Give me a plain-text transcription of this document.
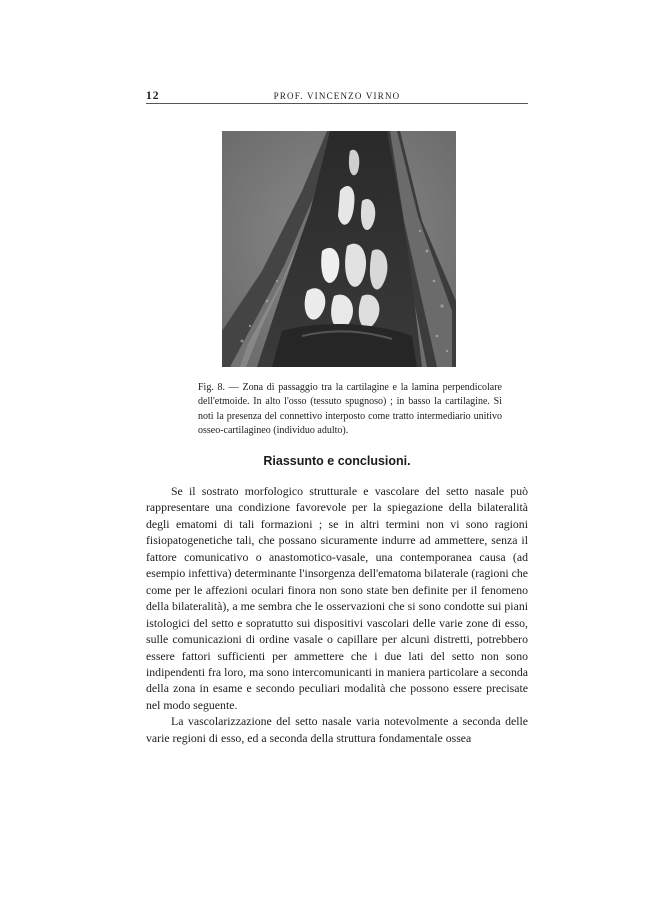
12	PROF. VINCENZO VIRNO

Fig. 8. — Zona di passaggio tra la cartilagine e la lamina perpendicolare dell'etmoide. In alto l'osso (tessuto spugnoso) ; in basso la cartilagine. Si noti la presenza del connettivo interposto come tratto intermediario unitivo osseo-cartilagineo (individuo adulto).

Riassunto e conclusioni.

Se il sostrato morfologico strutturale e vascolare del setto nasale può rappresentare una condizione favorevole per la spiegazione della bilateralità degli ematomi di tali formazioni ; se in altri termini non vi sono ragioni fisiopatogenetiche tali, che possano sicuramente indurre ad ammettere, senza il fattore comunicativo o anastomotico-vasale, una contemporanea causa (ad esempio infettiva) determinante l'insorgenza dell'ematoma bilaterale (ragioni che come per le affezioni oculari finora non sono state ben definite per il fenomeno della bilateralità), a me sembra che le osservazioni che si sono condotte sui piani istologici del setto e sopratutto sui dispositivi vascolari delle varie zone di esso, sulle comunicazioni di ordine vasale o capillare per alcuni distretti, potrebbero essere fattori sufficienti per ammettere che i due lati del setto non sono indipendenti fra loro, ma sono intercomunicanti in maniera particolare a seconda della zona in esame e secondo peculiari modalità che possono essere precisate nel modo seguente.

La vascolarizzazione del setto nasale varia notevolmente a seconda delle varie regioni di esso, ed a seconda della struttura fondamentale ossea
